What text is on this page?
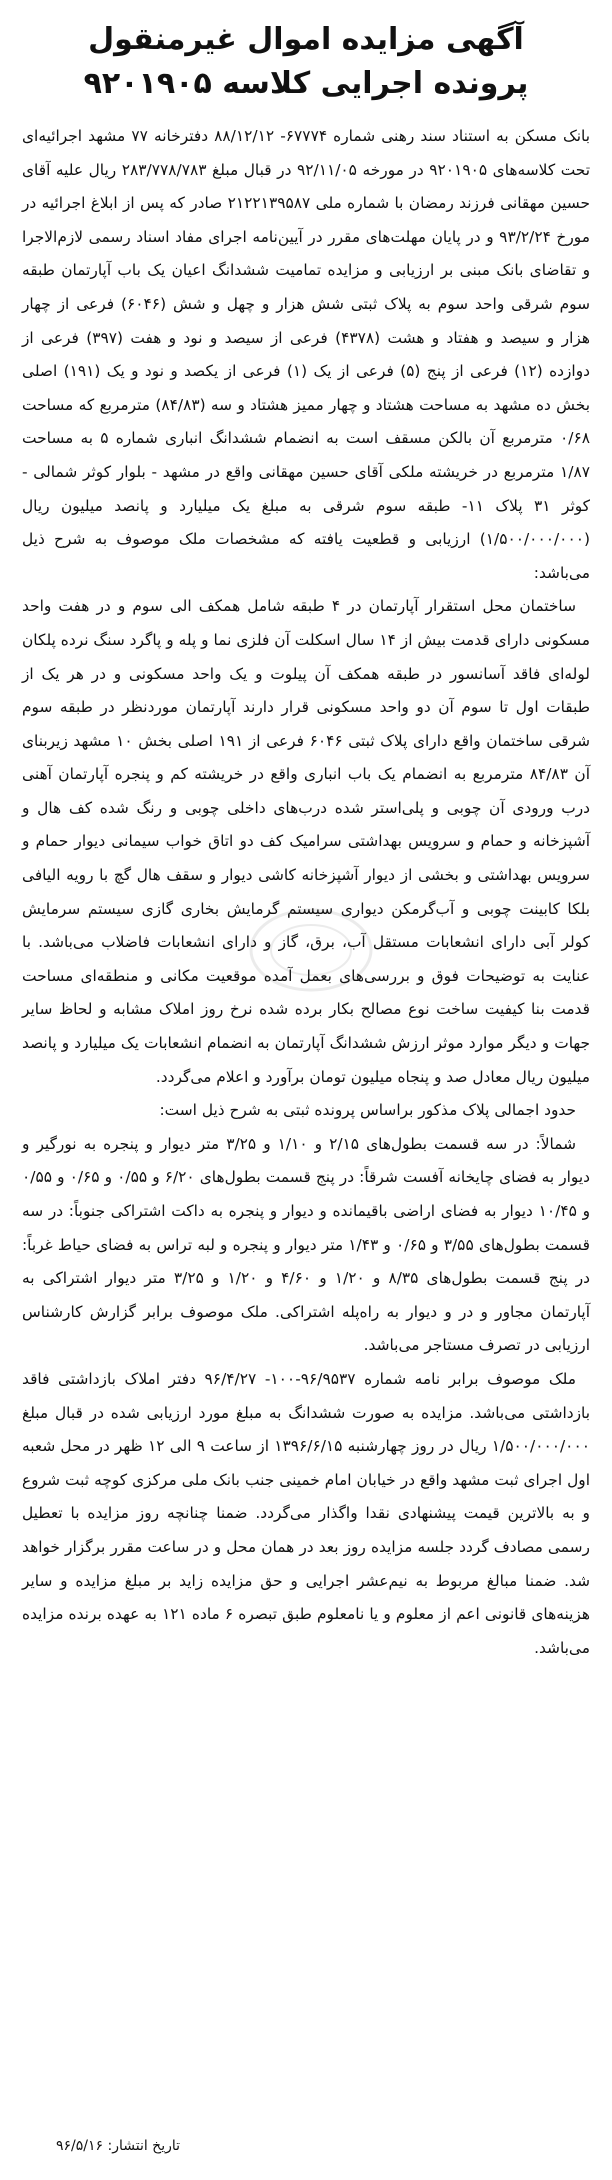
آگهی مزایده اموال غیرمنقول
پرونده اجرایی کلاسه ۹۲۰۱۹۰۵

بانک مسکن به استناد سند رهنی شماره ۶۷۷۷۴- ۸۸/۱۲/۱۲ دفترخانه ۷۷ مشهد اجرائیه‌ای تحت کلاسه‌های ۹۲۰۱۹۰۵ در مورخه ۹۲/۱۱/۰۵ در قبال مبلغ ۲۸۳/۷۷۸/۷۸۳ ریال علیه آقای حسین مهقانی فرزند رمضان با شماره ملی ۲۱۲۲۱۳۹۵۸۷ صادر که پس از ابلاغ اجرائیه در مورخ ۹۳/۲/۲۴ و در پایان مهلت‌های مقرر در آیین‌نامه اجرای مفاد اسناد رسمی لازم‌الاجرا و تقاضای بانک مبنی بر ارزیابی و مزایده تمامیت ششدانگ اعیان یک باب آپارتمان طبقه سوم شرقی واحد سوم به پلاک ثبتی شش هزار و چهل و شش (۶۰۴۶) فرعی از چهار هزار و سیصد و هفتاد و هشت (۴۳۷۸) فرعی از سیصد و نود و هفت (۳۹۷) فرعی از دوازده (۱۲) فرعی از پنج (۵) فرعی از یک (۱) فرعی از یکصد و نود و یک (۱۹۱) اصلی بخش ده مشهد به مساحت هشتاد و چهار ممیز هشتاد و سه (۸۴/۸۳) مترمربع که مساحت ۰/۶۸ مترمربع آن بالکن مسقف است به انضمام ششدانگ انباری شماره ۵ به مساحت ۱/۸۷ مترمربع در خریشته ملکی آقای حسین مهقانی واقع در مشهد - بلوار کوثر شمالی - کوثر ۳۱ پلاک ۱۱- طبقه سوم شرقی به مبلغ یک میلیارد و پانصد میلیون ریال (۱/۵۰۰/۰۰۰/۰۰۰) ارزیابی و قطعیت یافته که مشخصات ملک موصوف به شرح ذیل می‌باشد:

ساختمان محل استقرار آپارتمان در ۴ طبقه شامل همکف الی سوم و در هفت واحد مسکونی دارای قدمت بیش از ۱۴ سال اسکلت آن فلزی نما و پله و پاگرد سنگ نرده پلکان لوله‌ای فاقد آسانسور در طبقه همکف آن پیلوت و یک واحد مسکونی و در هر یک از طبقات اول تا سوم آن دو واحد مسکونی قرار دارند آپارتمان موردنظر در طبقه سوم شرقی ساختمان واقع دارای پلاک ثبتی ۶۰۴۶ فرعی از ۱۹۱ اصلی بخش ۱۰ مشهد زیربنای آن ۸۴/۸۳ مترمربع به انضمام یک باب انباری واقع در خریشته کم و پنجره آپارتمان آهنی درب ورودی آن چوبی و پلی‌استر شده درب‌های داخلی چوبی و رنگ شده کف هال و آشپزخانه و حمام و سرویس بهداشتی سرامیک کف دو اتاق خواب سیمانی دیوار حمام و سرویس بهداشتی و بخشی از دیوار آشپزخانه کاشی دیوار و سقف هال گچ با رویه الیافی بلکا کابینت چوبی و آب‌گرمکن دیواری سیستم گرمایش بخاری گازی سیستم سرمایش کولر آبی دارای انشعابات مستقل آب، برق، گاز و دارای انشعابات فاضلاب می‌باشد. با عنایت به توضیحات فوق و بررسی‌های بعمل آمده موقعیت مکانی و منطقه‌ای مساحت قدمت بنا کیفیت ساخت نوع مصالح بکار برده شده نرخ روز املاک مشابه و لحاظ سایر جهات و دیگر موارد موثر ارزش ششدانگ آپارتمان به انضمام انشعابات یک میلیارد و پانصد میلیون ریال معادل صد و پنجاه میلیون تومان برآورد و اعلام می‌گردد.

حدود اجمالی پلاک مذکور براساس پرونده ثبتی به شرح ذیل است:

شمالاً: در سه قسمت بطول‌های ۲/۱۵ و ۱/۱۰ و ۳/۲۵ متر دیوار و پنجره به نورگیر و دیوار به فضای چایخانه آفست شرقاً: در پنج قسمت بطول‌های ۶/۲۰ و ۰/۵۵ و ۰/۶۵ و ۰/۵۵ و ۱۰/۴۵ دیوار به فضای اراضی باقیمانده و دیوار و پنجره به داکت اشتراکی جنوباً: در سه قسمت بطول‌های ۳/۵۵ و ۰/۶۵ و ۱/۴۳ متر دیوار و پنجره و لبه تراس به فضای حیاط غرباً: در پنج قسمت بطول‌های ۸/۳۵ و ۱/۲۰ و ۴/۶۰ و ۱/۲۰ و ۳/۲۵ متر دیوار اشتراکی به آپارتمان مجاور و در و دیوار به راه‌پله اشتراکی. ملک موصوف برابر گزارش کارشناس ارزیابی در تصرف مستاجر می‌باشد.

ملک موصوف برابر نامه شماره ۹۶/۹۵۳۷-۱۰۰- ۹۶/۴/۲۷ دفتر املاک بازداشتی فاقد بازداشتی می‌باشد. مزایده به صورت ششدانگ به مبلغ مورد ارزیابی شده در قبال مبلغ ۱/۵۰۰/۰۰۰/۰۰۰ ریال در روز چهارشنبه ۱۳۹۶/۶/۱۵ از ساعت ۹ الی ۱۲ ظهر در محل شعبه اول اجرای ثبت مشهد واقع در خیابان امام خمینی جنب بانک ملی مرکزی کوچه ثبت شروع و به بالاترین قیمت پیشنهادی نقدا واگذار می‌گردد. ضمنا چنانچه روز مزایده با تعطیل رسمی مصادف گردد جلسه مزایده روز بعد در همان محل و در ساعت مقرر برگزار خواهد شد. ضمنا مبالغ مربوط به نیم‌عشر اجرایی و حق مزایده زاید بر مبلغ مزایده و سایر هزینه‌های قانونی اعم از معلوم و یا نامعلوم طبق تبصره ۶ ماده ۱۲۱ به عهده برنده مزایده می‌باشد.

تاریخ انتشار: ۹۶/۵/۱۶
